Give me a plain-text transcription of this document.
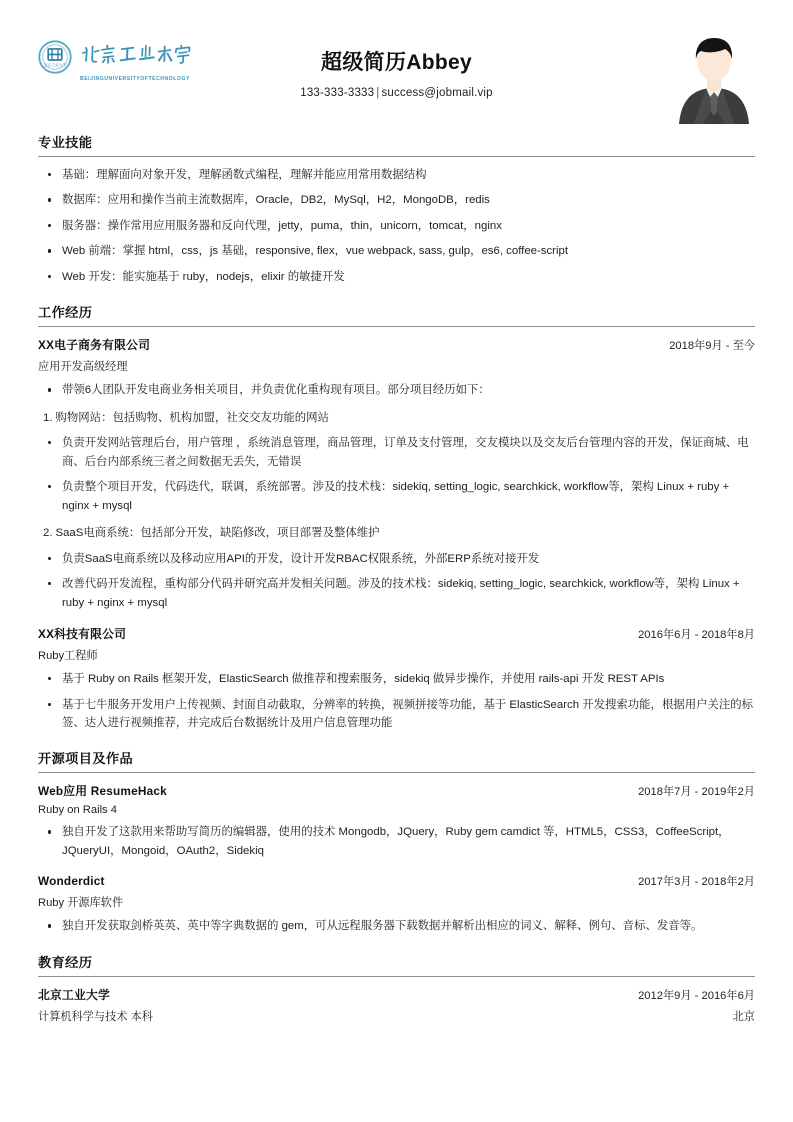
北京工业大学
BEIJINGUNIVERSITYOFTECHNOLOGY
超级简历Abbey
133-333-3333 | success@jobmail.vip
专业技能
基础：理解面向对象开发，理解函数式编程，理解并能应用常用数据结构
数据库：应用和操作当前主流数据库，Oracle，DB2，MySql，H2，MongoDB，redis
服务器：操作常用应用服务器和反向代理，jetty，puma，thin，unicorn，tomcat，nginx
Web 前端：掌握 html，css，js 基础，responsive, flex，vue webpack, sass, gulp，es6, coffee-script
Web 开发：能实施基于 ruby，nodejs，elixir 的敏捷开发
工作经历
XX电子商务有限公司	2018年9月 - 至今
应用开发高级经理
带领6人团队开发电商业务相关项目，并负责优化重构现有项目。部分项目经历如下：
1. 购物网站：包括购物、机构加盟，社交交友功能的网站
负责开发网站管理后台，用户管理 ，系统消息管理，商品管理，订单及支付管理，交友模块以及交友后台管理内容的开发，保证商城、电商、后台内部系统三者之间数据无丢失，无错误
负责整个项目开发，代码迭代，联调，系统部署。涉及的技术栈：sidekiq, setting_logic, searchkick, workflow等，架构 Linux + ruby + nginx + mysql
2. SaaS电商系统：包括部分开发，缺陷修改，项目部署及整体维护
负责SaaS电商系统以及移动应用API的开发，设计开发RBAC权限系统，外部ERP系统对接开发
改善代码开发流程，重构部分代码并研究高并发相关问题。涉及的技术栈：sidekiq, setting_logic, searchkick, workflow等，架构 Linux + ruby + nginx + mysql
XX科技有限公司	2016年6月 - 2018年8月
Ruby工程师
基于 Ruby on Rails 框架开发，ElasticSearch 做推荐和搜索服务，sidekiq 做异步操作，并使用 rails-api 开发 REST APIs
基于七牛服务开发用户上传视频、封面自动截取，分辨率的转换，视频拼接等功能，基于 ElasticSearch 开发搜索功能，根据用户关注的标签、达人进行视频推荐，并完成后台数据统计及用户信息管理功能
开源项目及作品
Web应用 ResumeHack	2018年7月 - 2019年2月
Ruby on Rails 4
独自开发了这款用来帮助写简历的编辑器，使用的技术 Mongodb，JQuery，Ruby gem camdict 等，HTML5，CSS3，CoffeeScript，JQueryUI，Mongoid，OAuth2，Sidekiq
Wonderdict	2017年3月 - 2018年2月
Ruby 开源库软件
独自开发获取剑桥英英、英中等字典数据的 gem，可从远程服务器下载数据并解析出相应的词义、解释、例句、音标、发音等。
教育经历
北京工业大学	2012年9月 - 2016年6月
计算机科学与技术 本科	北京
